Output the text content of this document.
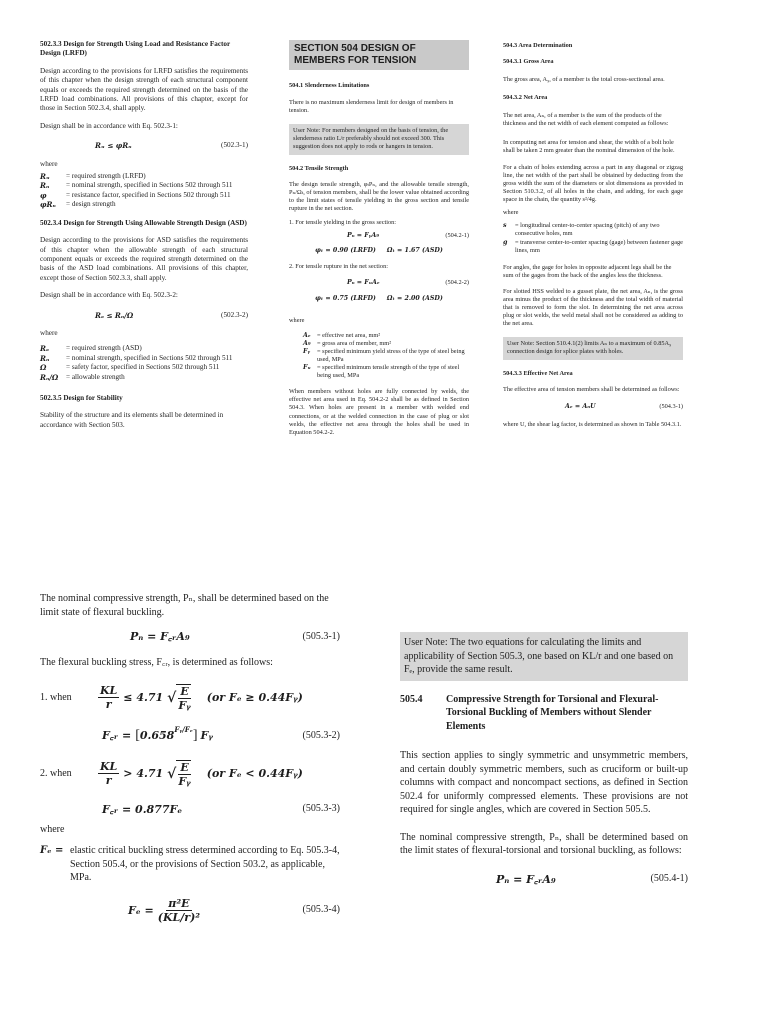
502.3.3 Design for Strength Using Load and Resistance Factor Design (LRFD)

Design according to the provisions for LRFD satisfies the requirements of this chapter when the design strength of each structural component equals or exceeds the required strength determined on the basis of the LRFD load combinations. All provisions of this chapter, except for those in Section 502.3.4, shall apply.

Design shall be in accordance with Eq. 502.3-1:

Rᵤ ≤ φRₙ	(502.3-1)

where

Rᵤ	= required strength (LRFD)
Rₙ	= nominal strength, specified in Sections 502 through 511
φ	= resistance factor, specified in Sections 502 through 511
φRₙ	= design strength

502.3.4 Design for Strength Using Allowable Strength Design (ASD)

Design according to the provisions for ASD satisfies the requirements of this chapter when the allowable strength of each structural component equals or exceeds the required strength determined on the basis of the ASD load combinations. All provisions of this chapter, except those of Section 502.3.3, shall apply.

Design shall be in accordance with Eq. 502.3-2:

Rₐ ≤ Rₙ/Ω	(502.3-2)

where

Rₐ	= required strength (ASD)
Rₙ	= nominal strength, specified in Sections 502 through 511
Ω	= safety factor, specified in Sections 502 through 511
Rₙ/Ω	= allowable strength

502.3.5 Design for Stability

Stability of the structure and its elements shall be determined in accordance with Section 503.

SECTION 504 DESIGN OF MEMBERS FOR TENSION

504.1 Slenderness Limitations

There is no maximum slenderness limit for design of members in tension.

User Note: For members designed on the basis of tension, the slenderness ratio L/r preferably should not exceed 300. This suggestion does not apply to rods or hangers in tension.

504.2 Tensile Strength

The design tensile strength, φₜPₙ, and the allowable tensile strength, Pₙ/Ωₜ, of tension members, shall be the lower value obtained according to the limit states of tensile yielding in the gross section and tensile rupture in the net section.

1. For tensile yielding in the gross section:

Pₙ = FᵧA₉	(504.2-1)

φₜ = 0.90 (LRFD)     Ωₜ = 1.67 (ASD)

2. For tensile rupture in the net section:

Pₙ = FᵤAₑ	(504.2-2)

φₜ = 0.75 (LRFD)     Ωₜ = 2.00 (ASD)

where

Aₑ	= effective net area, mm²
A₉	= gross area of member, mm²
Fᵧ	= specified minimum yield stress of the type of steel being used, MPa
Fᵤ	= specified minimum tensile strength of the type of steel being used, MPa

When members without holes are fully connected by welds, the effective net area used in Eq. 504.2-2 shall be as defined in Section 504.3. When holes are present in a member with welded end connections, or at the welded connection in the case of plug or slot welds, the effective net area through the holes shall be used in Equation 504.2-2.

504.3 Area Determination

504.3.1 Gross Area

The gross area, A₉, of a member is the total cross-sectional area.

504.3.2 Net Area

The net area, Aₙ, of a member is the sum of the products of the thickness and the net width of each element computed as follows:

In computing net area for tension and shear, the width of a bolt hole shall be taken 2 mm greater than the nominal dimension of the hole.

For a chain of holes extending across a part in any diagonal or zigzag line, the net width of the part shall be obtained by deducting from the gross width the sum of the diameters or slot dimensions as provided in Section 510.3.2, of all holes in the chain, and adding, for each gage space in the chain, the quantity s²/4g.

where

s	= longitudinal center-to-center spacing (pitch) of any two consecutive holes, mm
g	= transverse center-to-center spacing (gage) between fastener gage lines, mm

For angles, the gage for holes in opposite adjacent legs shall be the sum of the gages from the back of the angles less the thickness.

For slotted HSS welded to a gusset plate, the net area, Aₙ, is the gross area minus the product of the thickness and the total width of material that is removed to form the slot. In determining the net area across plug or slot welds, the weld metal shall not be considered as adding to the net area.

User Note: Section 510.4.1(2) limits Aₙ to a maximum of 0.85A₉ connection design for splice plates with holes.

504.3.3 Effective Net Area

The effective area of tension members shall be determined as follows:

Aₑ = AₙU	(504.3-1)

where U, the shear lag factor, is determined as shown in Table 504.3.1.

The nominal compressive strength, Pₙ, shall be determined based on the limit state of flexural buckling.

Pₙ = F꜀ᵣA₉	(505.3-1)

The flexural buckling stress, F꜀ᵣ, is determined as follows:

1. when	$\frac{KL}{r} \le 4.71$ √ $\frac{E}{\text{Fᵧ}} (or$ Fₑ ≥ 0.44Fᵧ)
F꜀ᵣ = [ $0.658^{Fᵧ/F_e}$ ] Fᵧ	(505.3-2)
2. when	$\frac{KL}{r} > 4.71$ √ $\frac{E}{\text{Fᵧ}} (or$ Fₑ < 0.44Fᵧ)
F꜀ᵣ = 0.877Fₑ	(505.3-3)

where

Fₑ = elastic critical buckling stress determined according to Eq. 505.3-4, Section 505.4, or the provisions of Section 503.2, as applicable, MPa.
$F_e = \frac{\text{π²E}}{\text{(KL/r)²}}$	(505.3-4)
User Note: The two equations for calculating the limits and applicability of Section 505.3, one based on KL/r and one based on Fₑ, provide the same result.
505.4	Compressive Strength for Torsional and Flexural-Torsional Buckling of Members without Slender Elements

This section applies to singly symmetric and unsymmetric members, and certain doubly symmetric members, such as cruciform or built-up columns with compact and noncompact sections, as defined in Section 502.4 for uniformly compressed elements. These provisions are not required for single angles, which are covered in Section 505.5.

The nominal compressive strength, Pₙ, shall be determined based on the limit states of flexural-torsional and torsional buckling, as follows:

Pₙ = F꜀ᵣA₉	(505.4-1)
